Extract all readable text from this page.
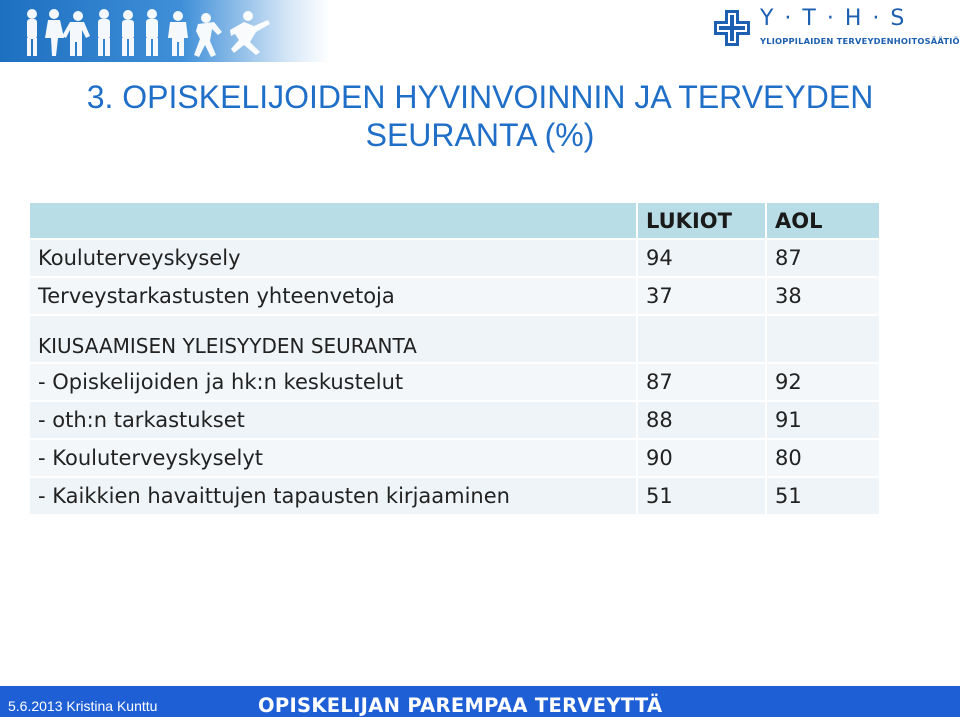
Y · T · H · S
YLIOPPILAIDEN TERVEYDENHOITOSÄÄTIÖ
3. OPISKELIJOIDEN HYVINVOINNIN JA TERVEYDEN
SEURANTA (%)
	LUKIOT	AOL
Kouluterveyskysely	94	87
Terveystarkastusten yhteenvetoja	37	38
KIUSAAMISEN YLEISYYDEN SEURANTA		
- Opiskelijoiden ja hk:n keskustelut	87	92
- oth:n tarkastukset	88	91
- Kouluterveyskyselyt	90	80
- Kaikkien havaittujen tapausten kirjaaminen	51	51
5.6.2013 Kristina Kunttu	OPISKELIJAN PAREMPAA TERVEYTTÄ
